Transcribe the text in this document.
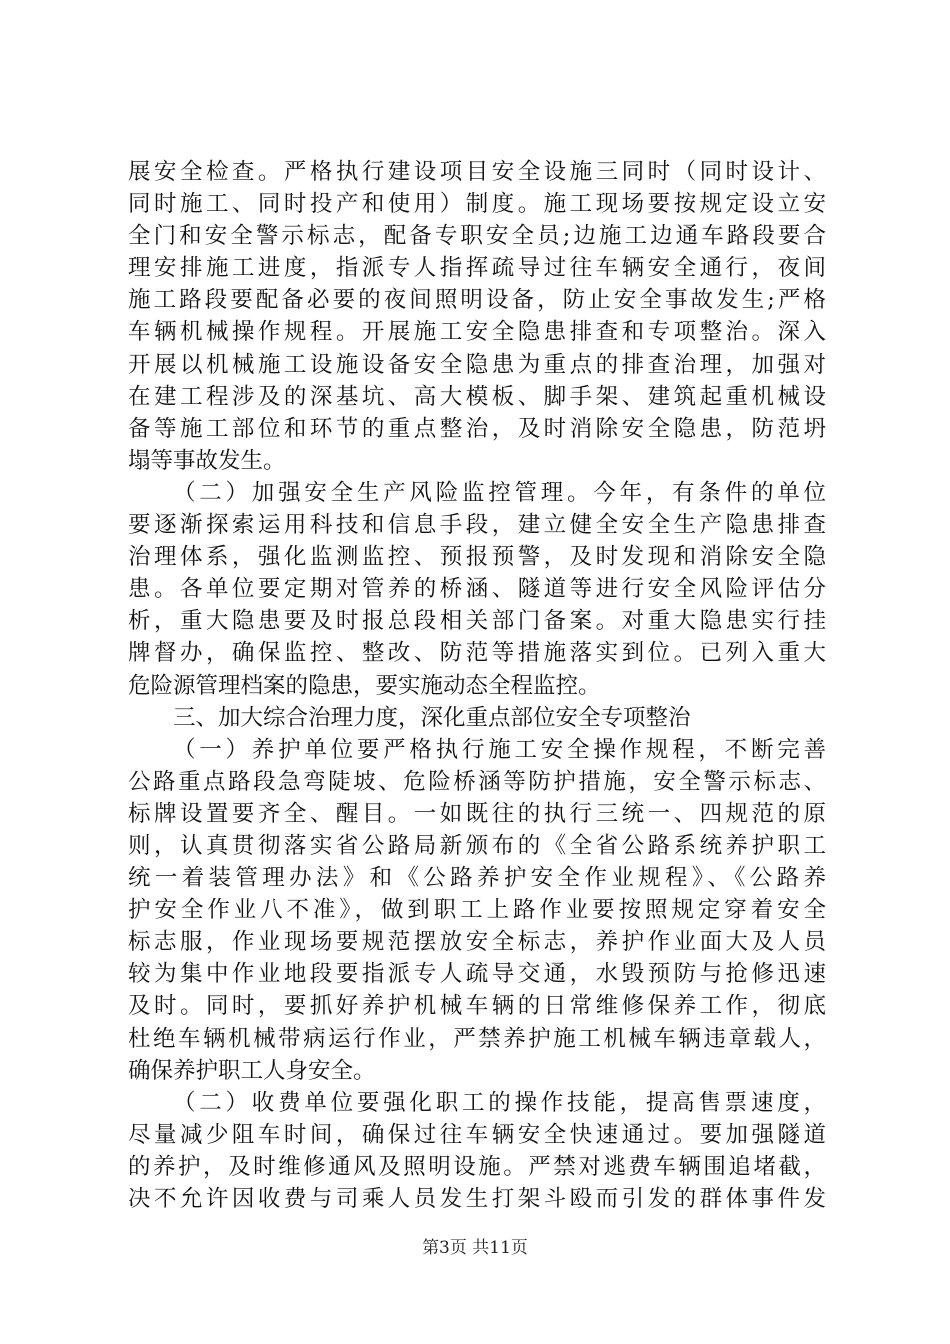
展安全检查。严格执行建设项目安全设施三同时（同时设计、
同时施工、同时投产和使用）制度。施工现场要按规定设立安
全门和安全警示标志，配备专职安全员;边施工边通车路段要合
理安排施工进度，指派专人指挥疏导过往车辆安全通行，夜间
施工路段要配备必要的夜间照明设备，防止安全事故发生;严格
车辆机械操作规程。开展施工安全隐患排查和专项整治。深入
开展以机械施工设施设备安全隐患为重点的排查治理，加强对
在建工程涉及的深基坑、高大模板、脚手架、建筑起重机械设
备等施工部位和环节的重点整治，及时消除安全隐患，防范坍
塌等事故发生。
（二）加强安全生产风险监控管理。今年，有条件的单位
要逐渐探索运用科技和信息手段，建立健全安全生产隐患排查
治理体系，强化监测监控、预报预警，及时发现和消除安全隐
患。各单位要定期对管养的桥涵、隧道等进行安全风险评估分
析，重大隐患要及时报总段相关部门备案。对重大隐患实行挂
牌督办，确保监控、整改、防范等措施落实到位。已列入重大
危险源管理档案的隐患，要实施动态全程监控。
三、加大综合治理力度，深化重点部位安全专项整治
（一）养护单位要严格执行施工安全操作规程，不断完善
公路重点路段急弯陡坡、危险桥涵等防护措施，安全警示标志、
标牌设置要齐全、醒目。一如既往的执行三统一、四规范的原
则，认真贯彻落实省公路局新颁布的《全省公路系统养护职工
统一着装管理办法》和《公路养护安全作业规程》、《公路养
护安全作业八不准》，做到职工上路作业要按照规定穿着安全
标志服，作业现场要规范摆放安全标志，养护作业面大及人员
较为集中作业地段要指派专人疏导交通，水毁预防与抢修迅速
及时。同时，要抓好养护机械车辆的日常维修保养工作，彻底
杜绝车辆机械带病运行作业，严禁养护施工机械车辆违章载人，
确保养护职工人身安全。
（二）收费单位要强化职工的操作技能，提高售票速度，
尽量减少阻车时间，确保过往车辆安全快速通过。要加强隧道
的养护，及时维修通风及照明设施。严禁对逃费车辆围追堵截，
决不允许因收费与司乘人员发生打架斗殴而引发的群体事件发
第3页 共11页
